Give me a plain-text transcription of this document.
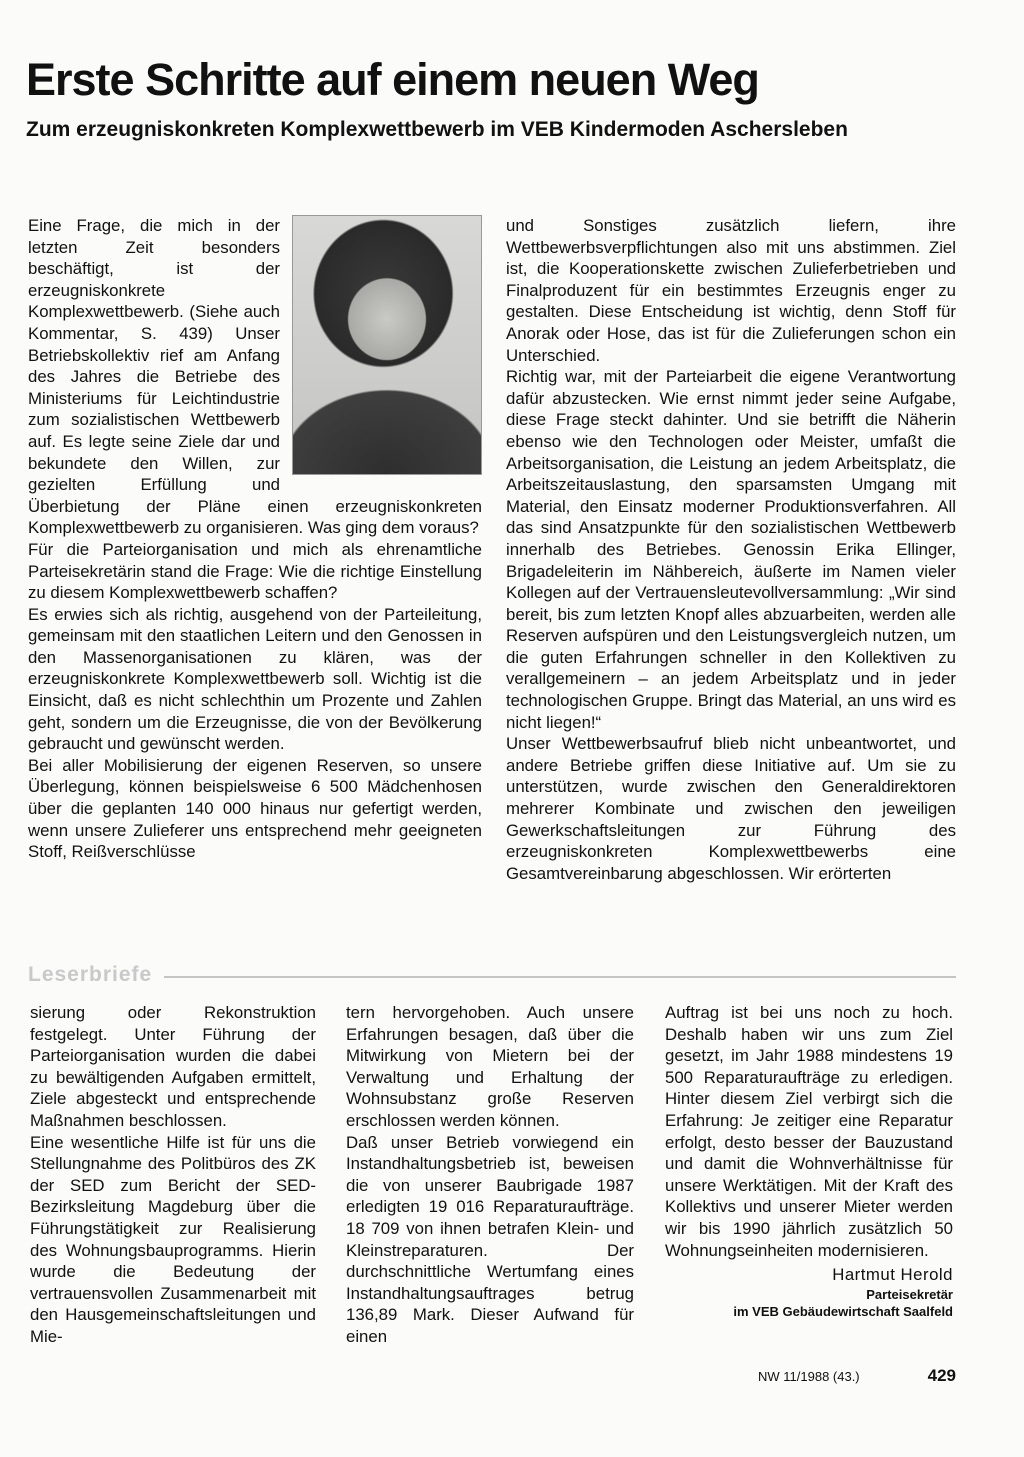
Erste Schritte auf einem neuen Weg
Zum erzeugniskonkreten Komplexwettbewerb im VEB Kindermoden Aschersleben

Eine Frage, die mich in der letzten Zeit besonders beschäftigt, ist der erzeugniskonkrete Komplexwettbewerb. (Siehe auch Kommentar, S. 439) Unser Betriebskollektiv rief am Anfang des Jahres die Betriebe des Ministeriums für Leichtindustrie zum sozialistischen Wettbewerb auf. Es legte seine Ziele dar und bekundete den Willen, zur gezielten Erfüllung und Überbietung der Pläne einen erzeugniskonkreten Komplexwettbewerb zu organisieren. Was ging dem voraus?

Für die Parteiorganisation und mich als ehrenamtliche Parteisekretärin stand die Frage: Wie die richtige Einstellung zu diesem Komplexwettbewerb schaffen?

Es erwies sich als richtig, ausgehend von der Parteileitung, gemeinsam mit den staatlichen Leitern und den Genossen in den Massenorganisationen zu klären, was der erzeugniskonkrete Komplexwettbewerb soll. Wichtig ist die Einsicht, daß es nicht schlechthin um Prozente und Zahlen geht, sondern um die Erzeugnisse, die von der Bevölkerung gebraucht und gewünscht werden.

Bei aller Mobilisierung der eigenen Reserven, so unsere Überlegung, können beispielsweise 6 500 Mädchenhosen über die geplanten 140 000 hinaus nur gefertigt werden, wenn unsere Zulieferer uns entsprechend mehr geeigneten Stoff, Reißverschlüsse

und Sonstiges zusätzlich liefern, ihre Wettbewerbsverpflichtungen also mit uns abstimmen. Ziel ist, die Kooperationskette zwischen Zulieferbetrieben und Finalproduzent für ein bestimmtes Erzeugnis enger zu gestalten. Diese Entscheidung ist wichtig, denn Stoff für Anorak oder Hose, das ist für die Zulieferungen schon ein Unterschied.

Richtig war, mit der Parteiarbeit die eigene Verantwortung dafür abzustecken. Wie ernst nimmt jeder seine Aufgabe, diese Frage steckt dahinter. Und sie betrifft die Näherin ebenso wie den Technologen oder Meister, umfaßt die Arbeitsorganisation, die Leistung an jedem Arbeitsplatz, die Arbeitszeitauslastung, den sparsamsten Umgang mit Material, den Einsatz moderner Produktionsverfahren. All das sind Ansatzpunkte für den sozialistischen Wettbewerb innerhalb des Betriebes. Genossin Erika Ellinger, Brigadeleiterin im Nähbereich, äußerte im Namen vieler Kollegen auf der Vertrauensleutevollversammlung: „Wir sind bereit, bis zum letzten Knopf alles abzuarbeiten, werden alle Reserven aufspüren und den Leistungsvergleich nutzen, um die guten Erfahrungen schneller in den Kollektiven zu verallgemeinern – an jedem Arbeitsplatz und in jeder technologischen Gruppe. Bringt das Material, an uns wird es nicht liegen!“

Unser Wettbewerbsaufruf blieb nicht unbeantwortet, und andere Betriebe griffen diese Initiative auf. Um sie zu unterstützen, wurde zwischen den Generaldirektoren mehrerer Kombinate und zwischen den jeweiligen Gewerkschaftsleitungen zur Führung des erzeugniskonkreten Komplexwettbewerbs eine Gesamtvereinbarung abgeschlossen. Wir erörterten

Leserbriefe

sierung oder Rekonstruktion festgelegt. Unter Führung der Parteiorganisation wurden die dabei zu bewältigenden Aufgaben ermittelt, Ziele abgesteckt und entsprechende Maßnahmen beschlossen.

Eine wesentliche Hilfe ist für uns die Stellungnahme des Politbüros des ZK der SED zum Bericht der SED-Bezirksleitung Magdeburg über die Führungstätigkeit zur Realisierung des Wohnungsbauprogramms. Hierin wurde die Bedeutung der vertrauensvollen Zusammenarbeit mit den Hausgemeinschaftsleitungen und Mie-

tern hervorgehoben. Auch unsere Erfahrungen besagen, daß über die Mitwirkung von Mietern bei der Verwaltung und Erhaltung der Wohnsubstanz große Reserven erschlossen werden können.

Daß unser Betrieb vorwiegend ein Instandhaltungsbetrieb ist, beweisen die von unserer Baubrigade 1987 erledigten 19 016 Reparaturaufträge. 18 709 von ihnen betrafen Klein- und Kleinstreparaturen. Der durchschnittliche Wertumfang eines Instandhaltungsauftrages betrug 136,89 Mark. Dieser Aufwand für einen

Auftrag ist bei uns noch zu hoch. Deshalb haben wir uns zum Ziel gesetzt, im Jahr 1988 mindestens 19 500 Reparaturaufträge zu erledigen. Hinter diesem Ziel verbirgt sich die Erfahrung: Je zeitiger eine Reparatur erfolgt, desto besser der Bauzustand und damit die Wohnverhältnisse für unsere Werktätigen. Mit der Kraft des Kollektivs und unserer Mieter werden wir bis 1990 jährlich zusätzlich 50 Wohnungseinheiten modernisieren.

Hartmut Herold
Parteisekretär
im VEB Gebäudewirtschaft Saalfeld
NW 11/1988 (43.)	429
